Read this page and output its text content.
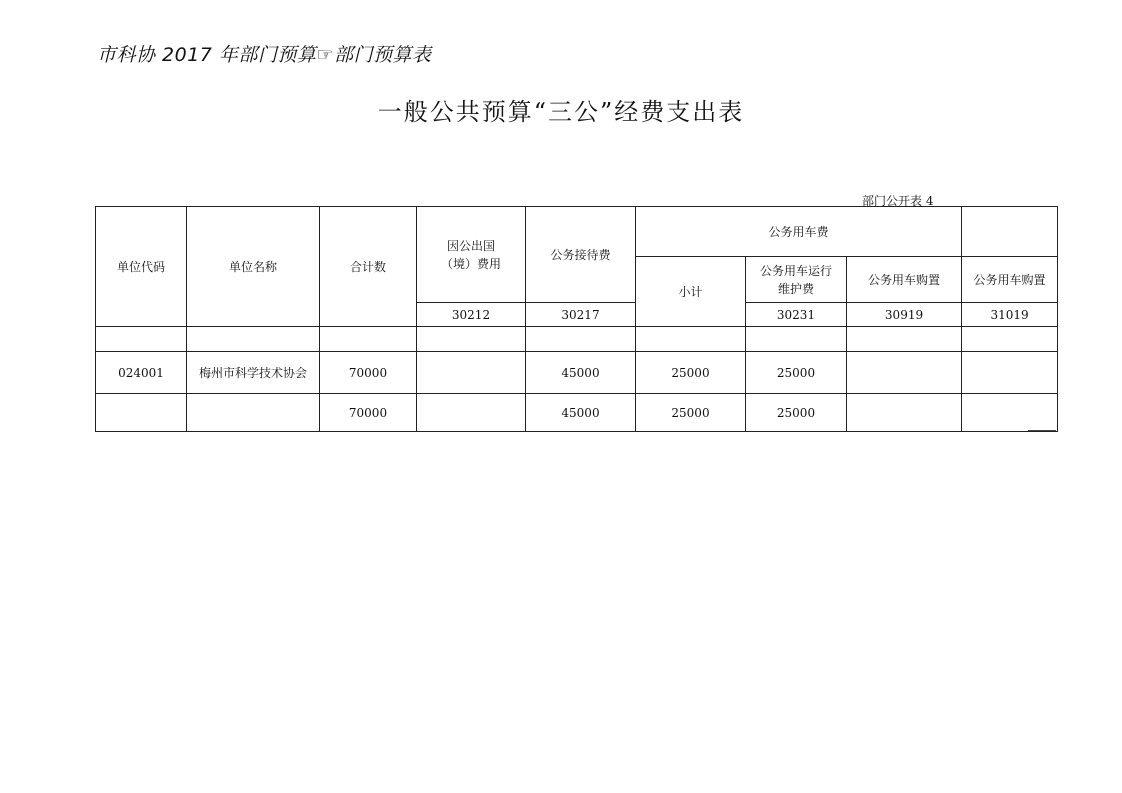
市科协 2017 年部门预算☞部门预算表
一般公共预算“三公”经费支出表
部门公开表 4
单位代码	单位名称	合计数	因公出国（境）费用	公务接待费	公务用车费			
					小计	公务用车运行维护费	公务用车购置	公务用车购置
			30212	30217		30231	30919	31019

024001	梅州市科学技术协会	70000		45000	25000	25000		
		70000		45000	25000	25000		
